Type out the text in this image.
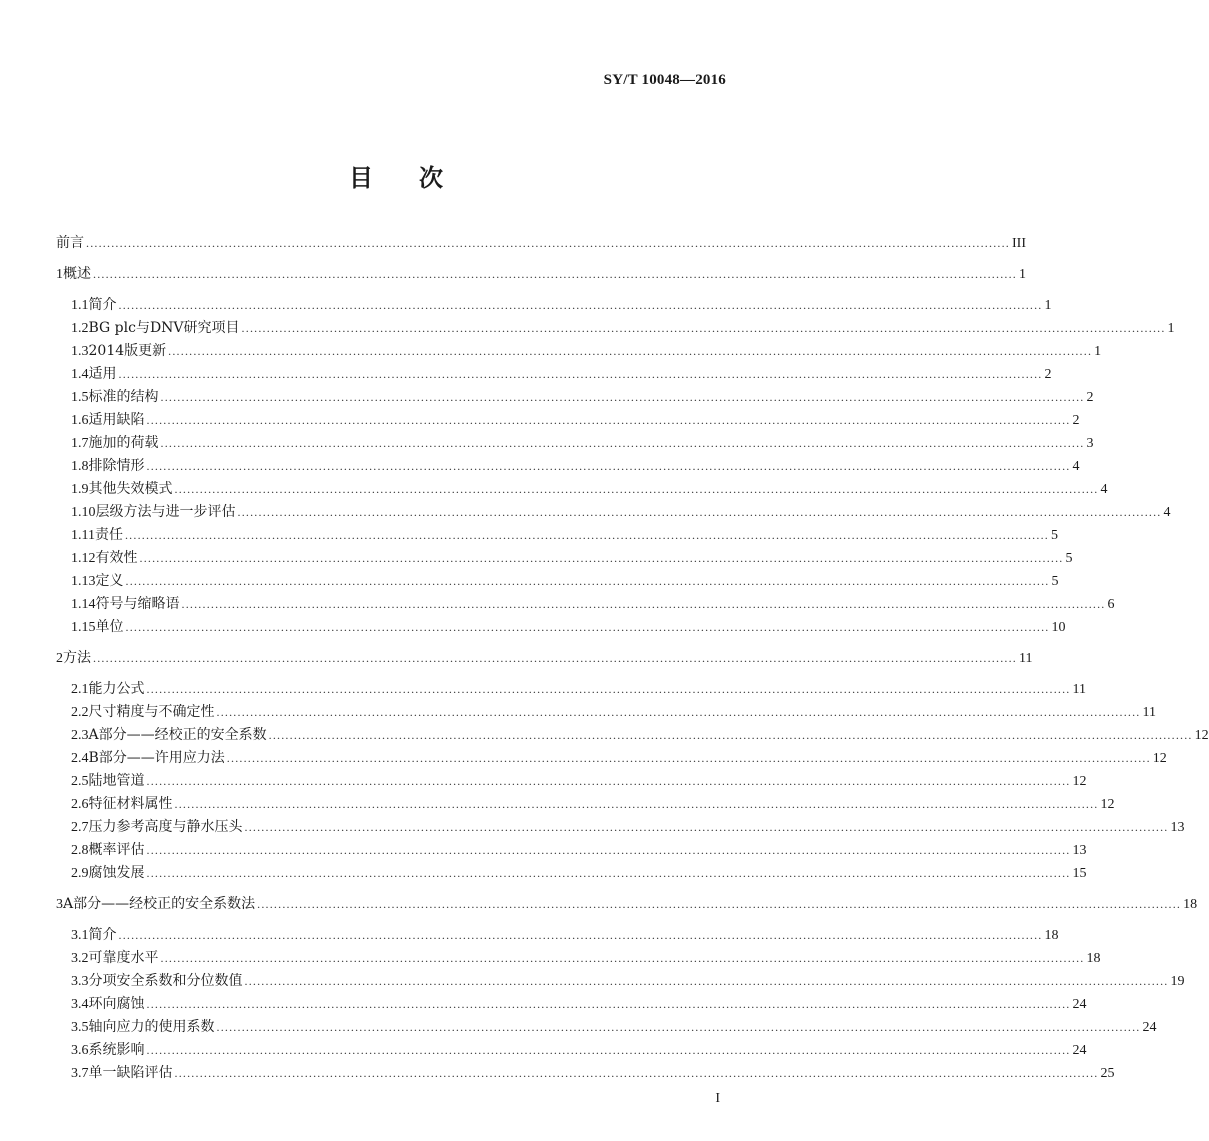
SY/T 10048—2016
目次
前言 ............................................................................................................................................................................................................................ III
1 概述 ............................................................................................................................................................................................................................ 1
1.1 简介 ............................................................................................................................................................................................................................ 1
1.2 BG plc与DNV研究项目 ............................................................................................................................................................................................................................ 1
1.3 2014版更新 ............................................................................................................................................................................................................................ 1
1.4 适用 ............................................................................................................................................................................................................................ 2
1.5 标准的结构 ............................................................................................................................................................................................................................ 2
1.6 适用缺陷 ............................................................................................................................................................................................................................ 2
1.7 施加的荷载 ............................................................................................................................................................................................................................ 3
1.8 排除情形 ............................................................................................................................................................................................................................ 4
1.9 其他失效模式 ............................................................................................................................................................................................................................ 4
1.10 层级方法与进一步评估 ............................................................................................................................................................................................................................ 4
1.11 责任 ............................................................................................................................................................................................................................ 5
1.12 有效性 ............................................................................................................................................................................................................................ 5
1.13 定义 ............................................................................................................................................................................................................................ 5
1.14 符号与缩略语 ............................................................................................................................................................................................................................ 6
1.15 单位 ............................................................................................................................................................................................................................ 10
2 方法 ............................................................................................................................................................................................................................ 11
2.1 能力公式 ............................................................................................................................................................................................................................ 11
2.2 尺寸精度与不确定性 ............................................................................................................................................................................................................................ 11
2.3 A部分——经校正的安全系数 ............................................................................................................................................................................................................................ 12
2.4 B部分——许用应力法 ............................................................................................................................................................................................................................ 12
2.5 陆地管道 ............................................................................................................................................................................................................................ 12
2.6 特征材料属性 ............................................................................................................................................................................................................................ 12
2.7 压力参考高度与静水压头 ............................................................................................................................................................................................................................ 13
2.8 概率评估 ............................................................................................................................................................................................................................ 13
2.9 腐蚀发展 ............................................................................................................................................................................................................................ 15
3 A部分——经校正的安全系数法 ............................................................................................................................................................................................................................ 18
3.1 简介 ............................................................................................................................................................................................................................ 18
3.2 可靠度水平 ............................................................................................................................................................................................................................ 18
3.3 分项安全系数和分位数值 ............................................................................................................................................................................................................................ 19
3.4 环向腐蚀 ............................................................................................................................................................................................................................ 24
3.5 轴向应力的使用系数 ............................................................................................................................................................................................................................ 24
3.6 系统影响 ............................................................................................................................................................................................................................ 24
3.7 单一缺陷评估 ............................................................................................................................................................................................................................ 25
I
